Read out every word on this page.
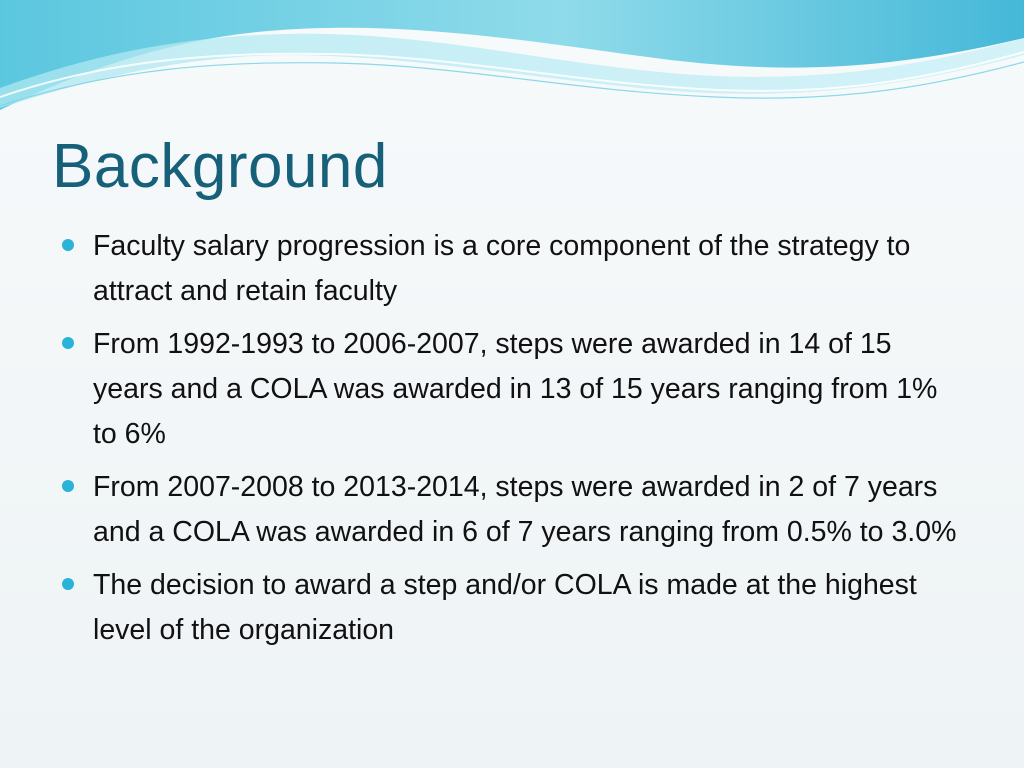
Background
Faculty salary progression is a core component of the strategy to attract and retain faculty
From 1992-1993 to 2006-2007, steps were awarded in 14 of 15 years and a COLA was awarded in 13 of 15 years ranging from 1% to 6%
From 2007-2008 to 2013-2014, steps were awarded in 2 of 7 years and a COLA was awarded in 6 of 7 years ranging from 0.5% to 3.0%
The decision to award a step and/or COLA is made at the highest level of the organization
